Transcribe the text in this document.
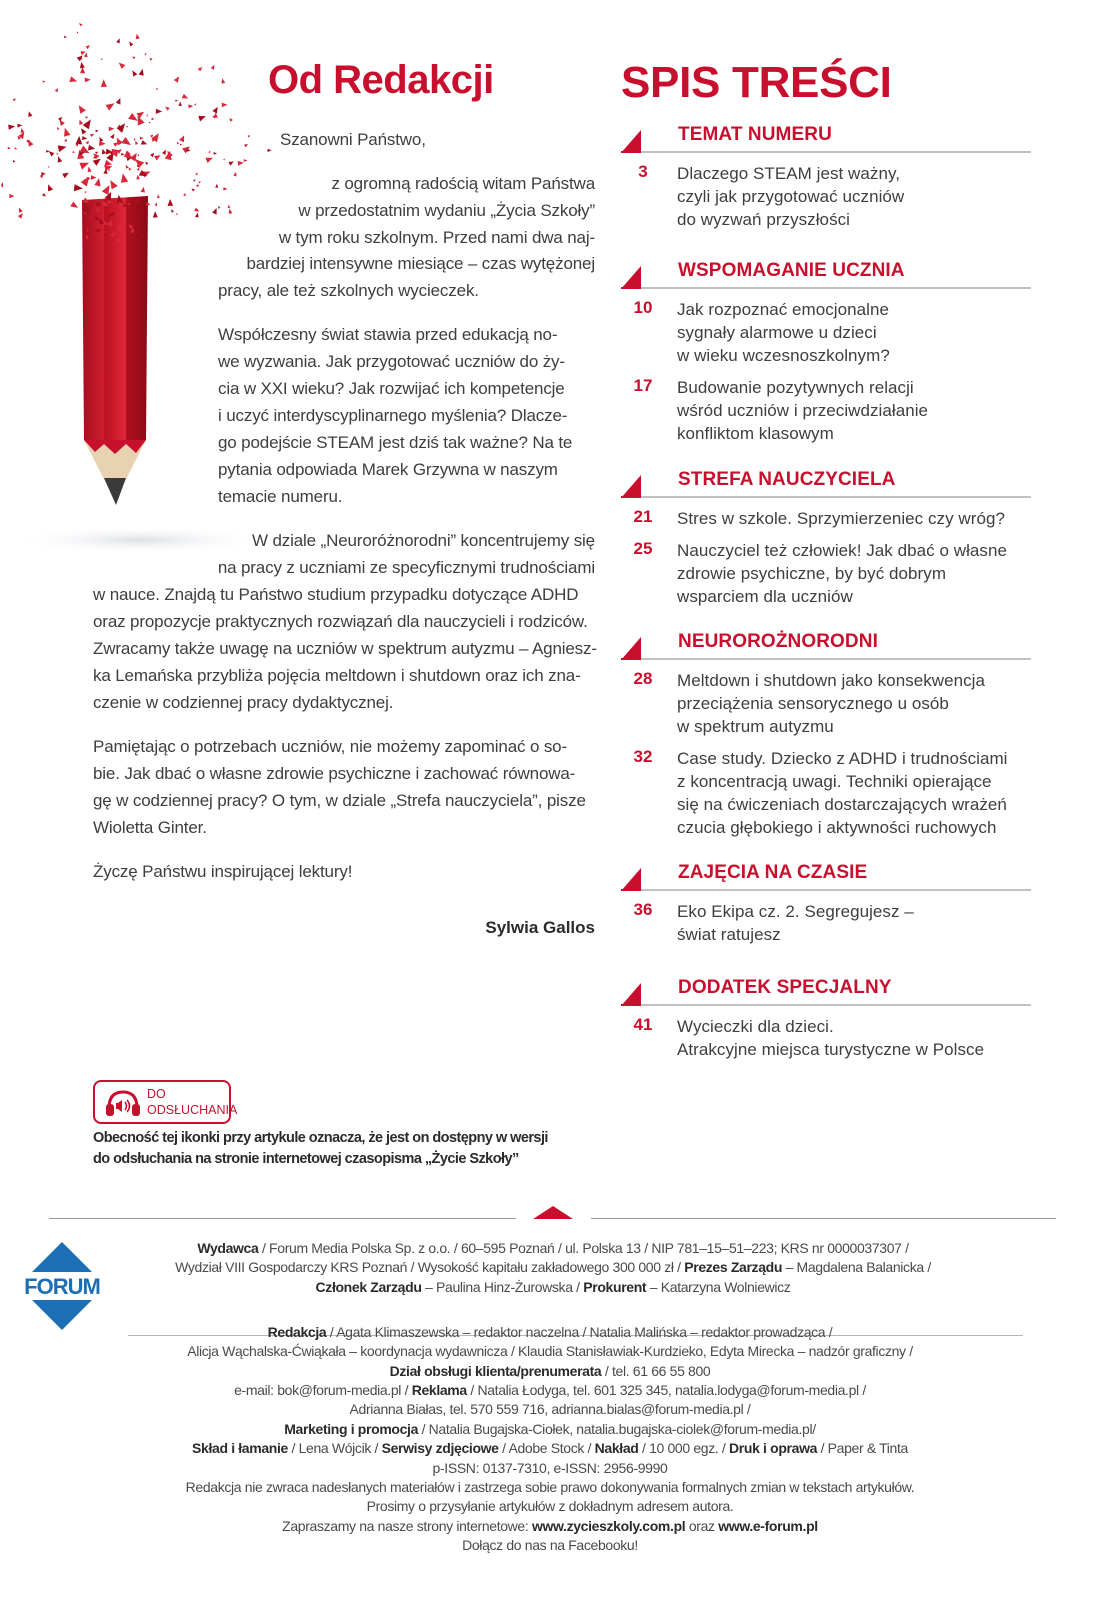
Od Redakcji
Szanowni Państwo,
z ogromną radością witam Państwa
w przedostatnim wydaniu „Życia Szkoły”
w tym roku szkolnym. Przed nami dwa naj-
bardziej intensywne miesiące – czas wytężonej
pracy, ale też szkolnych wycieczek.
Współczesny świat stawia przed edukacją no-
we wyzwania. Jak przygotować uczniów do ży-
cia w XXI wieku? Jak rozwijać ich kompetencje
i uczyć interdyscyplinarnego myślenia? Dlacze-
go podejście STEAM jest dziś tak ważne? Na te
pytania odpowiada Marek Grzywna w naszym
temacie numeru.
W dziale „Neuroróżnorodni” koncentrujemy się
na pracy z uczniami ze specyficznymi trudnościami
w nauce. Znajdą tu Państwo studium przypadku dotyczące ADHD
oraz propozycje praktycznych rozwiązań dla nauczycieli i rodziców.
Zwracamy także uwagę na uczniów w spektrum autyzmu – Agniesz-
ka Lemańska przybliża pojęcia meltdown i shutdown oraz ich zna-
czenie w codziennej pracy dydaktycznej.
Pamiętając o potrzebach uczniów, nie możemy zapominać o so-
bie. Jak dbać o własne zdrowie psychiczne i zachować równowa-
gę w codziennej pracy? O tym, w dziale „Strefa nauczyciela”, pisze
Wioletta Ginter.
Życzę Państwu inspirującej lektury!
Sylwia Gallos
DO
ODSŁUCHANIA
Obecność tej ikonki przy artykule oznacza, że jest on dostępny w wersji
do odsłuchania na stronie internetowej czasopisma „Życie Szkoły”
SPIS TREŚCI
TEMAT NUMERU
3	Dlaczego STEAM jest ważny,
czyli jak przygotować uczniów
do wyzwań przyszłości
WSPOMAGANIE UCZNIA
10	Jak rozpoznać emocjonalne
sygnały alarmowe u dzieci
w wieku wczesnoszkolnym?
17	Budowanie pozytywnych relacji
wśród uczniów i przeciwdziałanie
konfliktom klasowym
STREFA NAUCZYCIELA
21	Stres w szkole. Sprzymierzeniec czy wróg?
25	Nauczyciel też człowiek! Jak dbać o własne
zdrowie psychiczne, by być dobrym
wsparciem dla uczniów
NEUROROŻNORODNI
28	Meltdown i shutdown jako konsekwencja
przeciążenia sensorycznego u osób
w spektrum autyzmu
32	Case study. Dziecko z ADHD i trudnościami
z koncentracją uwagi. Techniki opierające
się na ćwiczeniach dostarczających wrażeń
czucia głębokiego i aktywności ruchowych
ZAJĘCIA NA CZASIE
36	Eko Ekipa cz. 2. Segregujesz –
świat ratujesz
DODATEK SPECJALNY
41	Wycieczki dla dzieci.
Atrakcyjne miejsca turystyczne w Polsce
FORUM
Wydawca / Forum Media Polska Sp. z o.o. / 60–595 Poznań / ul. Polska 13 / NIP 781–15–51–223; KRS nr 0000037307 /
Wydział VIII Gospodarczy KRS Poznań / Wysokość kapitału zakładowego 300 000 zł / Prezes Zarządu – Magdalena Balanicka /
Członek Zarządu – Paulina Hinz-Żurowska / Prokurent – Katarzyna Wolniewicz
Redakcja / Agata Klimaszewska – redaktor naczelna / Natalia Malińska – redaktor prowadząca /
Alicja Wąchalska-Ćwiąkała – koordynacja wydawnicza / Klaudia Stanisławiak-Kurdzieko, Edyta Mirecka – nadzór graficzny /
Dział obsługi klienta/prenumerata / tel. 61 66 55 800
e-mail: bok@forum-media.pl / Reklama / Natalia Łodyga, tel. 601 325 345, natalia.lodyga@forum-media.pl /
Adrianna Białas, tel. 570 559 716, adrianna.bialas@forum-media.pl /
Marketing i promocja / Natalia Bugajska-Ciołek, natalia.bugajska-ciolek@forum-media.pl/
Skład i łamanie / Lena Wójcik / Serwisy zdjęciowe / Adobe Stock / Nakład / 10 000 egz. / Druk i oprawa / Paper & Tinta
p-ISSN: 0137-7310, e-ISSN: 2956-9990
Redakcja nie zwraca nadesłanych materiałów i zastrzega sobie prawo dokonywania formalnych zmian w tekstach artykułów.
Prosimy o przysyłanie artykułów z dokładnym adresem autora.
Zapraszamy na nasze strony internetowe: www.zycieszkoly.com.pl oraz www.e-forum.pl
Dołącz do nas na Facebooku!
